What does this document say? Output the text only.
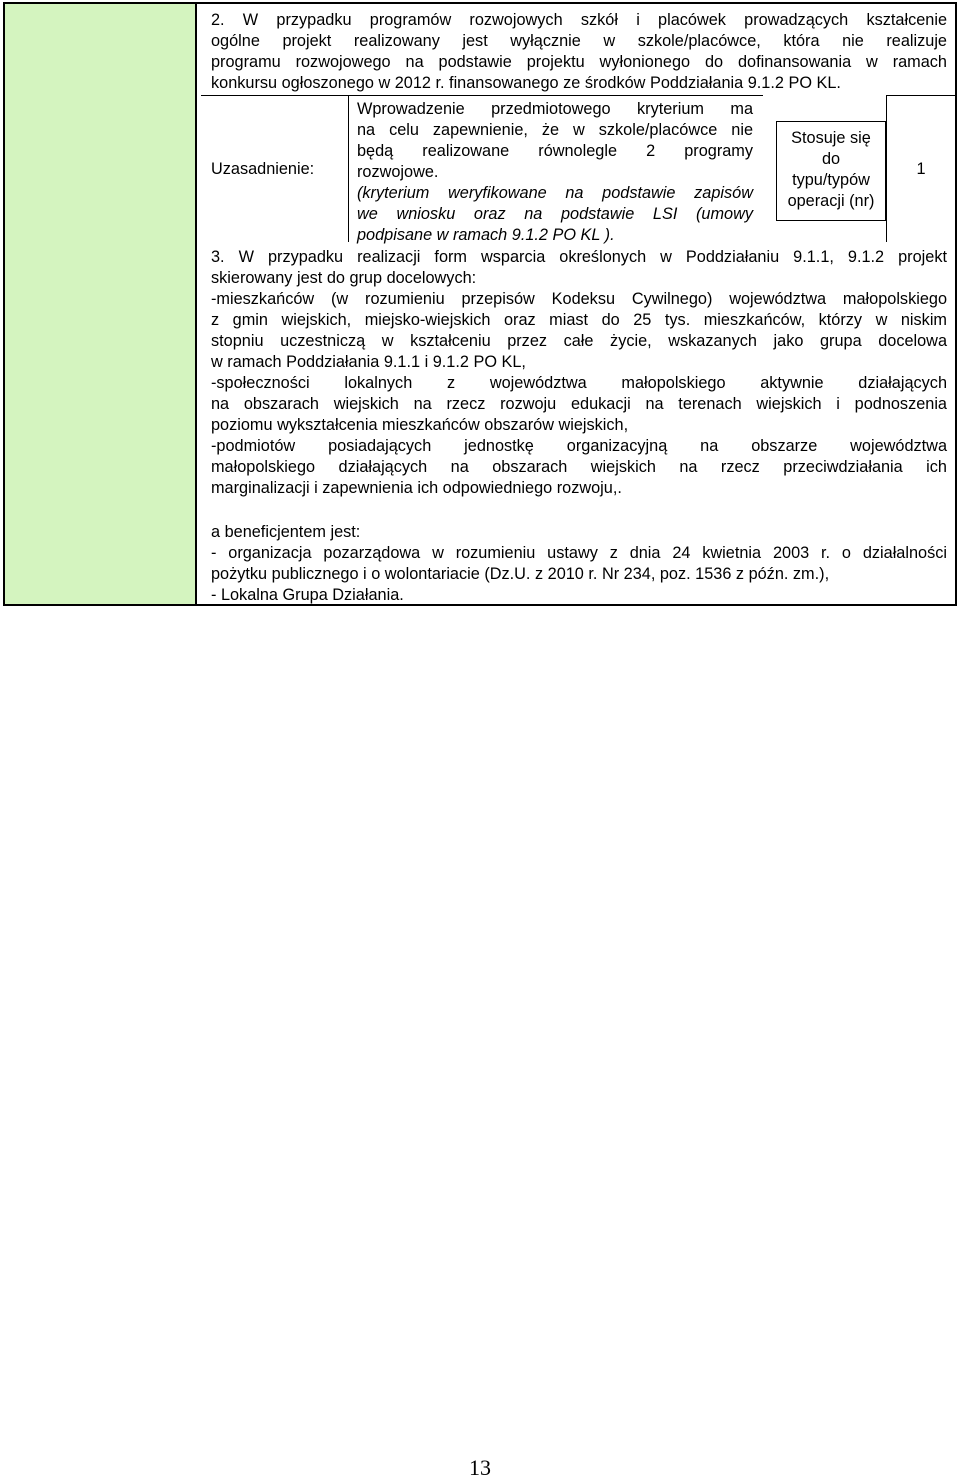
2. W przypadku programów rozwojowych szkół i placówek prowadzących kształcenie
ogólne projekt realizowany jest wyłącznie w szkole/placówce, która nie realizuje
programu rozwojowego na podstawie projektu wyłonionego do dofinansowania w ramach
konkursu ogłoszonego w 2012 r. finansowanego ze środków Poddziałania 9.1.2 PO KL.
Uzasadnienie:
Wprowadzenie przedmiotowego kryterium ma
na celu zapewnienie, że w szkole/placówce nie
będą realizowane równolegle 2 programy
rozwojowe.
(kryterium weryfikowane na podstawie zapisów
we wniosku oraz na podstawie LSI (umowy
podpisane w ramach 9.1.2 PO KL ).
Stosuje się
do
typu/typów
operacji (nr)
1
3. W przypadku realizacji form wsparcia określonych w Poddziałaniu 9.1.1, 9.1.2 projekt
skierowany jest do grup docelowych:
-mieszkańców (w rozumieniu przepisów Kodeksu Cywilnego) województwa małopolskiego
z gmin wiejskich, miejsko-wiejskich oraz miast do 25 tys. mieszkańców, którzy w niskim
stopniu uczestniczą w kształceniu przez całe życie, wskazanych jako grupa docelowa
w ramach Poddziałania 9.1.1 i 9.1.2 PO KL,
-społeczności lokalnych z województwa małopolskiego aktywnie działających
na obszarach wiejskich na rzecz rozwoju edukacji na terenach wiejskich i podnoszenia
poziomu wykształcenia mieszkańców obszarów wiejskich,
-podmiotów posiadających jednostkę organizacyjną na obszarze województwa
małopolskiego działających na obszarach wiejskich na rzecz przeciwdziałania ich
marginalizacji i zapewnienia ich odpowiedniego rozwoju,.
a beneficjentem jest:
- organizacja pozarządowa w rozumieniu ustawy z dnia 24 kwietnia 2003 r. o działalności
pożytku publicznego i o wolontariacie (Dz.U. z 2010 r. Nr 234, poz. 1536 z późn. zm.),
- Lokalna Grupa Działania.
13
